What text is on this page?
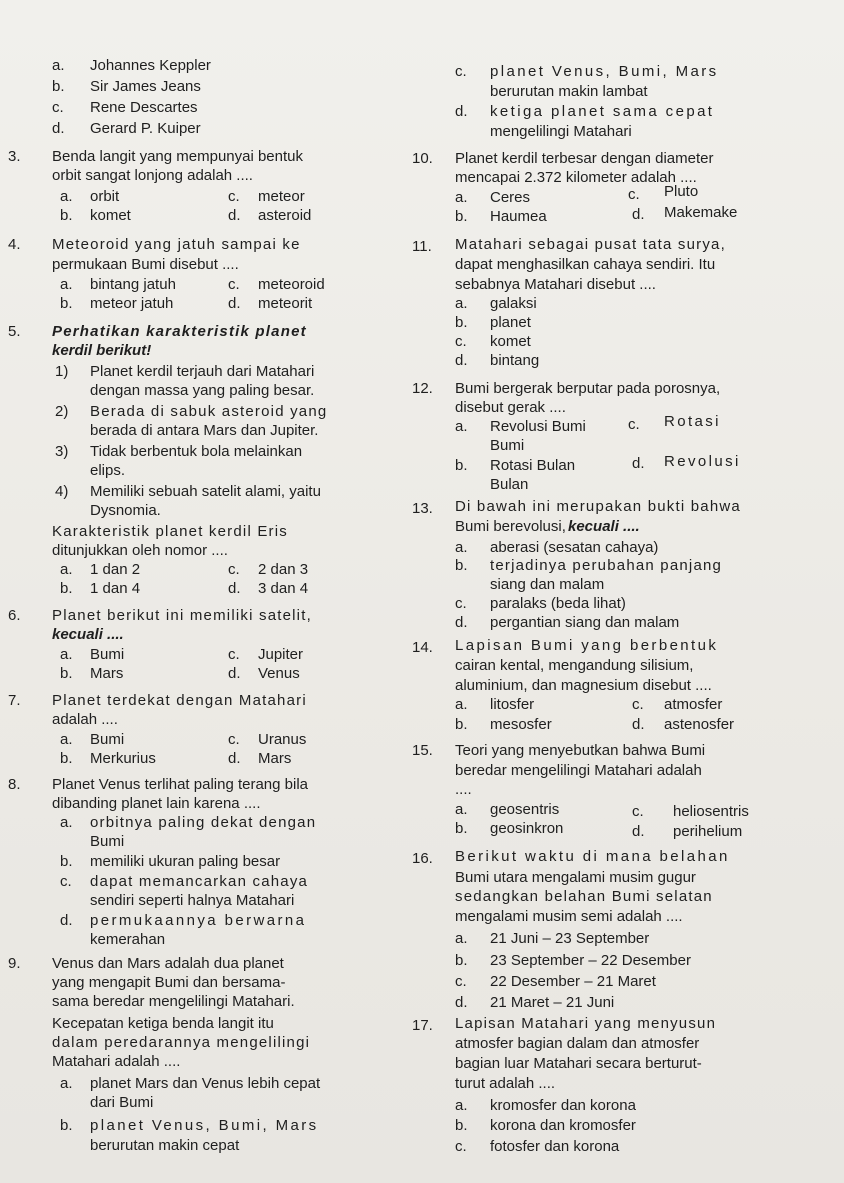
a. Johannes Keppler
b. Sir James Jeans
c. Rene Descartes
d. Gerard P. Kuiper
3. Benda langit yang mempunyai bentuk
orbit sangat lonjong adalah ....
a. orbit	c. meteor
b. komet	d. asteroid
4. Meteoroid yang jatuh sampai ke
permukaan Bumi disebut ....
a. bintang jatuh	c. meteoroid
b. meteor jatuh	d. meteorit
5. Perhatikan karakteristik planet
kerdil berikut!
1) Planet kerdil terjauh dari Matahari
dengan massa yang paling besar.
2) Berada di sabuk asteroid yang
berada di antara Mars dan Jupiter.
3) Tidak berbentuk bola melainkan
elips.
4) Memiliki sebuah satelit alami, yaitu
Dysnomia.
Karakteristik planet kerdil Eris
ditunjukkan oleh nomor ....
a. 1 dan 2	c. 2 dan 3
b. 1 dan 4	d. 3 dan 4
6. Planet berikut ini memiliki satelit,
kecuali ....
a. Bumi	c. Jupiter
b. Mars	d. Venus
7. Planet terdekat dengan Matahari
adalah ....
a. Bumi	c. Uranus
b. Merkurius	d. Mars
8. Planet Venus terlihat paling terang bila
dibanding planet lain karena ....
a. orbitnya paling dekat dengan
Bumi
b. memiliki ukuran paling besar
c. dapat memancarkan cahaya
sendiri seperti halnya Matahari
d. permukaannya berwarna
kemerahan
9. Venus dan Mars adalah dua planet
yang mengapit Bumi dan bersama-
sama beredar mengelilingi Matahari.
Kecepatan ketiga benda langit itu
dalam peredarannya mengelilingi
Matahari adalah ....
a. planet Mars dan Venus lebih cepat
dari Bumi
b. planet Venus, Bumi, Mars
berurutan makin cepat
c. planet Venus, Bumi, Mars
berurutan makin lambat
d. ketiga planet sama cepat
mengelilingi Matahari
10. Planet kerdil terbesar dengan diameter
mencapai 2.372 kilometer adalah ....
a. Ceres	c. Pluto
b. Haumea	d. Makemake
11. Matahari sebagai pusat tata surya,
dapat menghasilkan cahaya sendiri. Itu
sebabnya Matahari disebut ....
a. galaksi
b. planet
c. komet
d. bintang
12. Bumi bergerak berputar pada porosnya,
disebut gerak ....
a. Revolusi Bumi
Bumi
c. Rotasi
b. Rotasi Bulan
Bulan
d. Revolusi
13. Di bawah ini merupakan bukti bahwa
Bumi berevolusi, kecuali ....
a. aberasi (sesatan cahaya)
b. terjadinya perubahan panjang
siang dan malam
c. paralaks (beda lihat)
d. pergantian siang dan malam
14. Lapisan Bumi yang berbentuk
cairan kental, mengandung silisium,
aluminium, dan magnesium disebut ....
a. litosfer	c. atmosfer
b. mesosfer	d. astenosfer
15. Teori yang menyebutkan bahwa Bumi
beredar mengelilingi Matahari adalah
....
a. geosentris	c. heliosentris
b. geosinkron	d. perihelium
16. Berikut waktu di mana belahan
Bumi utara mengalami musim gugur
sedangkan belahan Bumi selatan
mengalami musim semi adalah ....
a. 21 Juni – 23 September
b. 23 September – 22 Desember
c. 22 Desember – 21 Maret
d. 21 Maret – 21 Juni
17. Lapisan Matahari yang menyusun
atmosfer bagian dalam dan atmosfer
bagian luar Matahari secara berturut-
turut adalah ....
a. kromosfer dan korona
b. korona dan kromosfer
c. fotosfer dan korona
